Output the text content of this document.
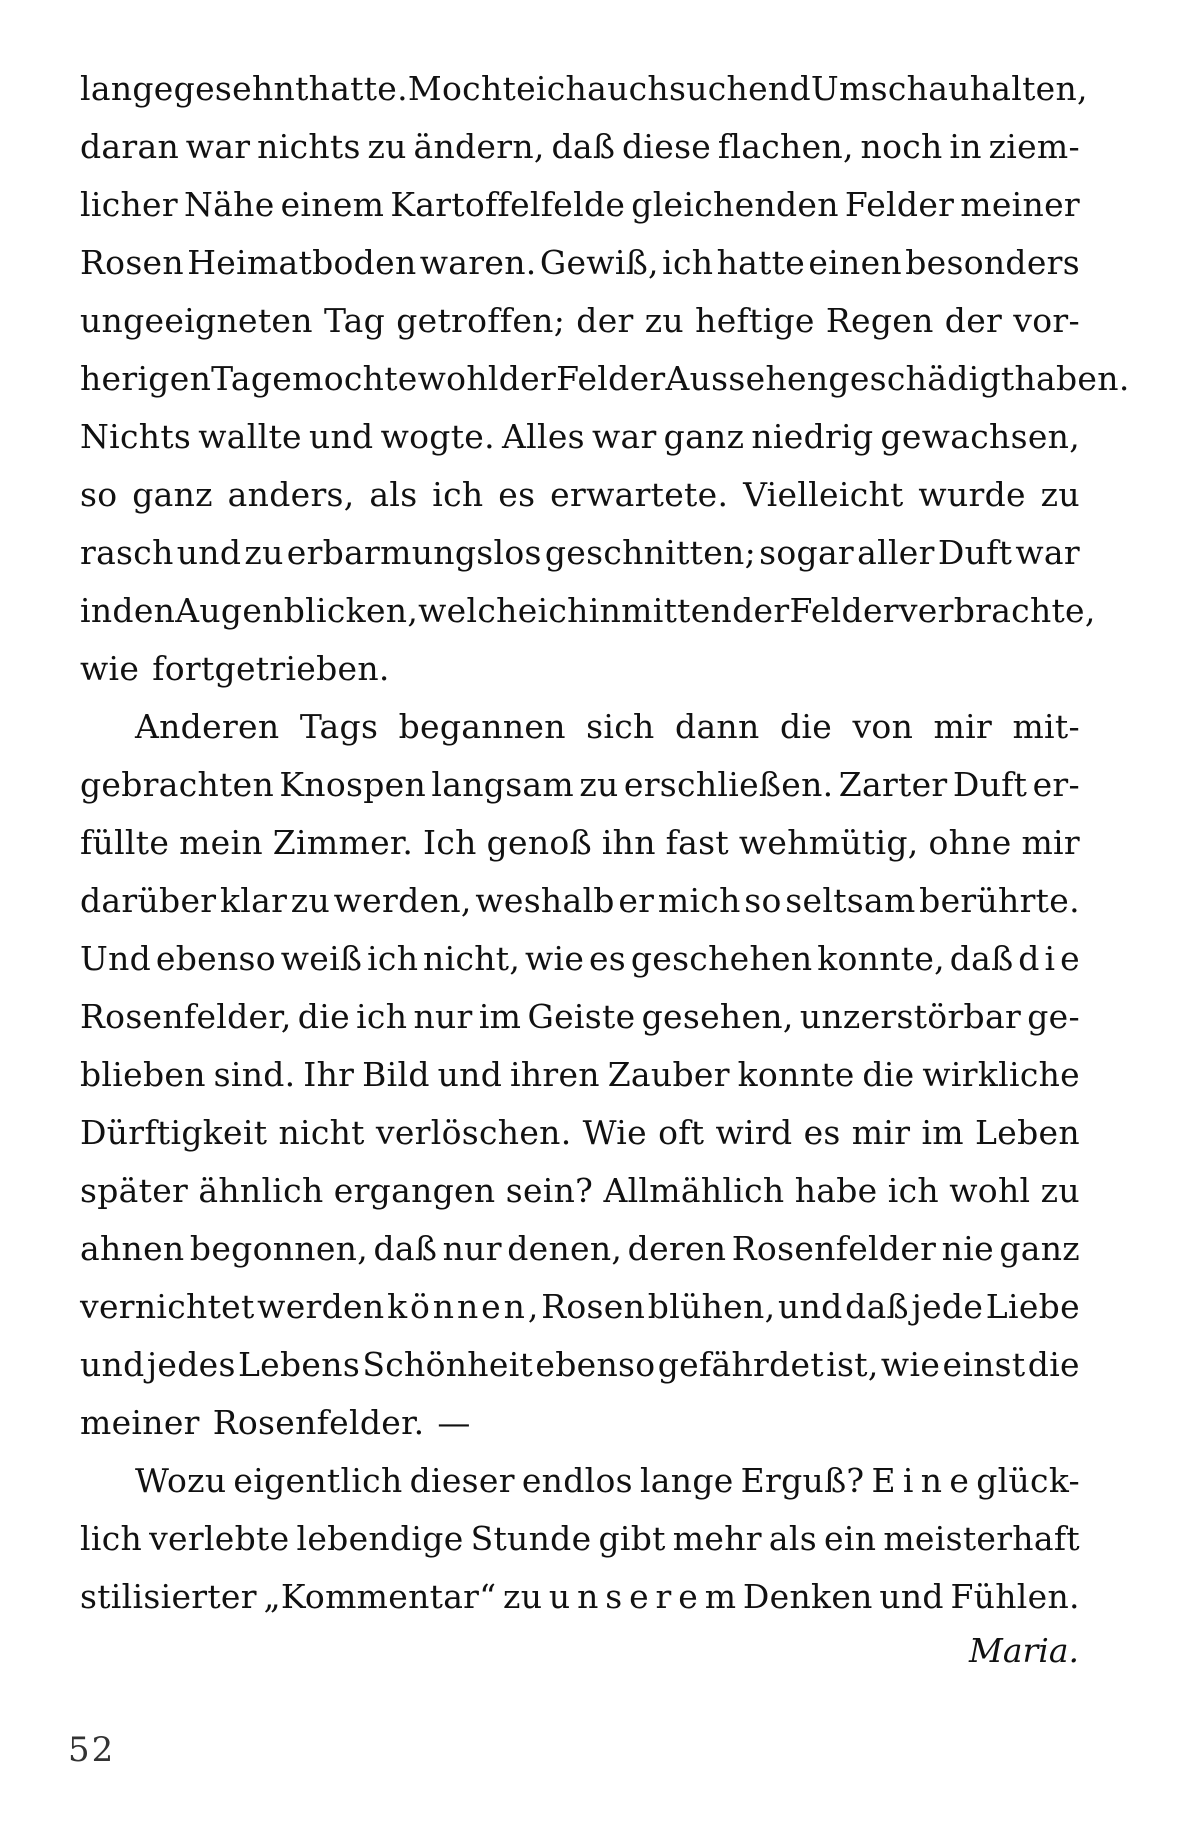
lange gesehnt hatte. Mochte ich auch suchend Umschau halten,
daran war nichts zu ändern, daß diese flachen, noch in ziem-
licher Nähe einem Kartoffelfelde gleichenden Felder meiner
Rosen Heimatboden waren. Gewiß, ich hatte einen besonders
ungeeigneten Tag getroffen; der zu heftige Regen der vor-
herigen Tage mochte wohl der Felder Aussehen geschädigt haben.
Nichts wallte und wogte. Alles war ganz niedrig gewachsen,
so ganz anders, als ich es erwartete. Vielleicht wurde zu
rasch und zu erbarmungslos geschnitten; sogar aller Duft war
in den Augenblicken, welche ich inmitten der Felder verbrachte,
wie fortgetrieben.
Anderen Tags begannen sich dann die von mir mit-
gebrachten Knospen langsam zu erschließen. Zarter Duft er-
füllte mein Zimmer. Ich genoß ihn fast wehmütig, ohne mir
darüber klar zu werden, weshalb er mich so seltsam berührte.
Und ebenso weiß ich nicht, wie es geschehen konnte, daß d i e
Rosenfelder, die ich nur im Geiste gesehen, unzerstörbar ge-
blieben sind. Ihr Bild und ihren Zauber konnte die wirkliche
Dürftigkeit nicht verlöschen. Wie oft wird es mir im Leben
später ähnlich ergangen sein? Allmählich habe ich wohl zu
ahnen begonnen, daß nur denen, deren Rosenfelder nie ganz
vernichtet werden k ö n n e n , Rosen blühen, und daß jede Liebe
und jedes Lebens Schönheit ebenso gefährdet ist, wie einst die
meiner Rosenfelder. —
Wozu eigentlich dieser endlos lange Erguß? E i n e glück-
lich verlebte lebendige Stunde gibt mehr als ein meisterhaft
stilisierter „Kommentar“ zu u n s e r e m Denken und Fühlen.
Maria.
52
